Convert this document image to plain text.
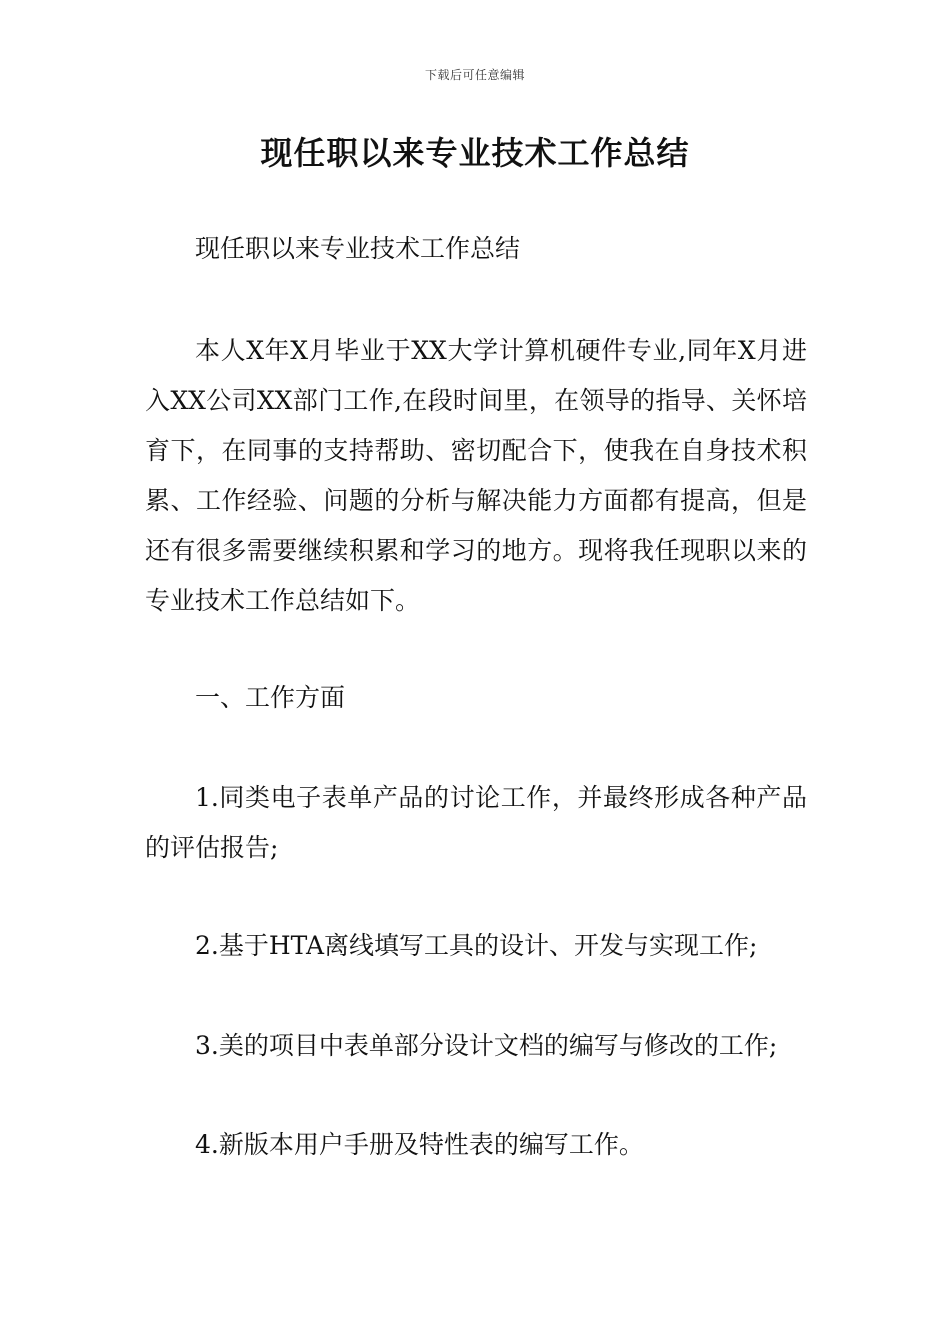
下载后可任意编辑
现任职以来专业技术工作总结

现任职以来专业技术工作总结

本人X年X月毕业于XX大学计算机硬件专业,同年X月进入XX公司XX部门工作,在段时间里，在领导的指导、关怀培育下，在同事的支持帮助、密切配合下，使我在自身技术积累、工作经验、问题的分析与解决能力方面都有提高，但是还有很多需要继续积累和学习的地方。现将我任现职以来的专业技术工作总结如下。

一、工作方面

1.同类电子表单产品的讨论工作，并最终形成各种产品的评估报告;

2.基于HTA离线填写工具的设计、开发与实现工作;

3.美的项目中表单部分设计文档的编写与修改的工作;

4.新版本用户手册及特性表的编写工作。
